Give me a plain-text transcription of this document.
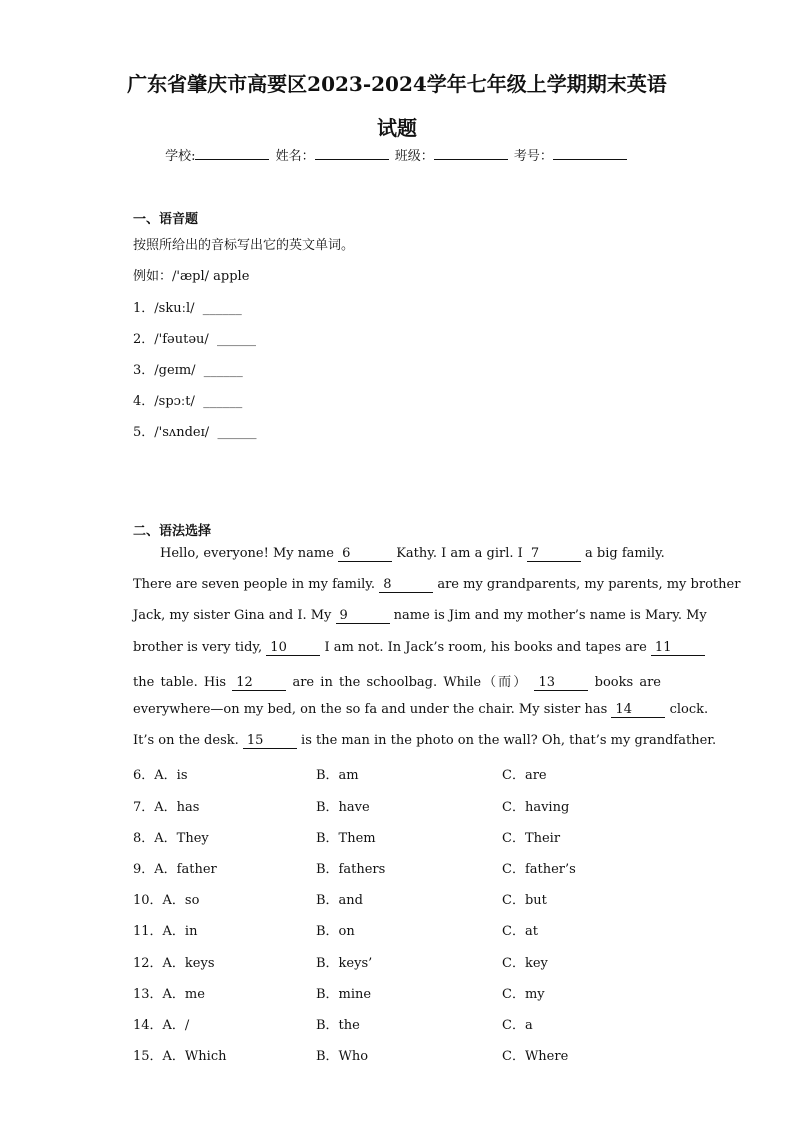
广东省肇庆市高要区2023-2024学年七年级上学期期末英语
试题
学校:	姓名：	班级：	考号：
一、语音题
按照所给出的音标写出它的英文单词。
例如：/'æpl/ apple
1．/skuːl/ ______
2．/'fəutəu/ ______
3．/geɪm/ ______
4．/spɔːt/ ______
5．/'sʌndeɪ/ ______
二、语法选择
Hello, everyone! My name 6	Kathy. I am a girl. I 7	a big family.
There are seven people in my family. 8	are my grandparents, my parents, my brother
Jack, my sister Gina and I. My 9	name is Jim and my mother’s name is Mary. My
brother is very tidy, 10	I am not. In Jack’s room, his books and tapes are 11
the table. His 12	are in the schoolbag. While（而） 13	books are
everywhere—on my bed, on the so fa and under the chair. My sister has 14	clock.
It’s on the desk. 15	is the man in the photo on the wall? Oh, that’s my grandfather.
6．A．is	B．am	C．are
7．A．has	B．have	C．having
8．A．They	B．Them	C．Their
9．A．father	B．fathers	C．father’s
10．A．so	B．and	C．but
11．A．in	B．on	C．at
12．A．keys	B．keys’	C．key
13．A．me	B．mine	C．my
14．A．/	B．the	C．a
15．A．Which	B．Who	C．Where
